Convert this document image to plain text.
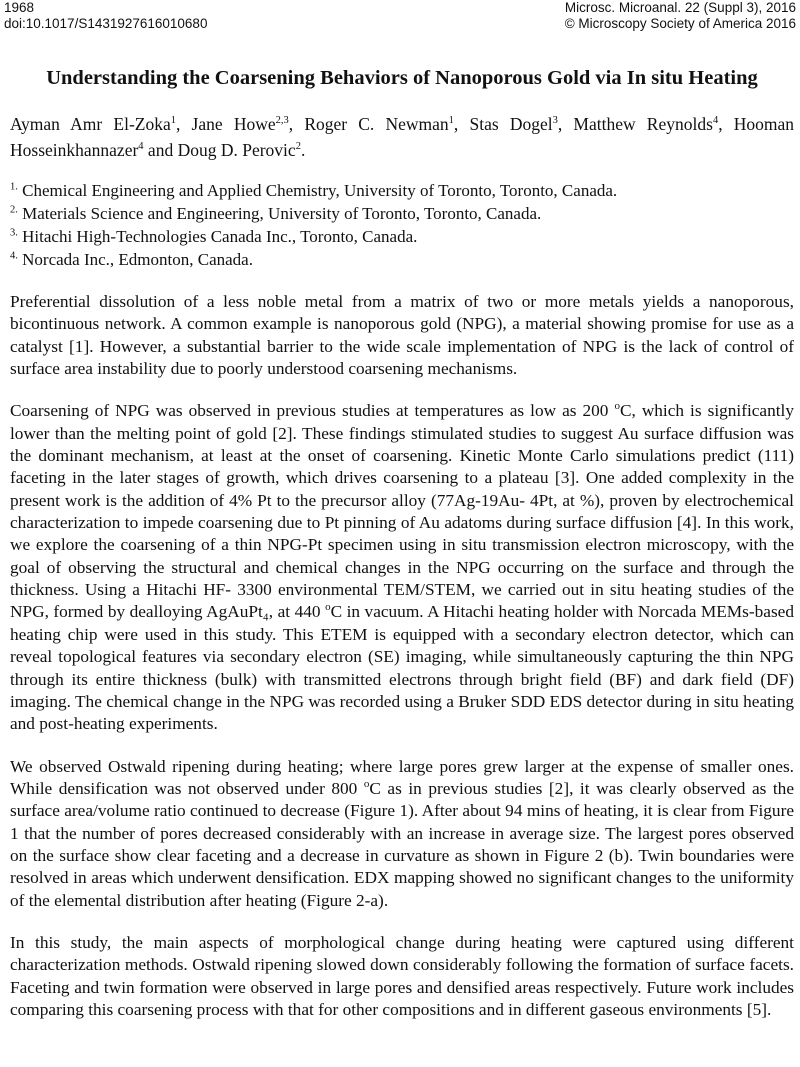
1968
doi:10.1017/S1431927616010680
Microsc. Microanal. 22 (Suppl 3), 2016
© Microscopy Society of America 2016
Understanding the Coarsening Behaviors of Nanoporous Gold via In situ Heating
Ayman Amr El-Zoka$^1$, Jane Howe$^{2,3}$, Roger C. Newman$^1$, Stas Dogel$^3$, Matthew Reynolds$^4$, Hooman Hosseinkhannazer$^4$ and Doug D. Perovic$^2$.
$^{1.}$ Chemical Engineering and Applied Chemistry, University of Toronto, Toronto, Canada.
$^{2.}$ Materials Science and Engineering, University of Toronto, Toronto, Canada.
$^{3.}$ Hitachi High-Technologies Canada Inc., Toronto, Canada.
$^{4.}$ Norcada Inc., Edmonton, Canada.

Preferential dissolution of a less noble metal from a matrix of two or more metals yields a nanoporous, bicontinuous network. A common example is nanoporous gold (NPG), a material showing promise for use as a catalyst [1]. However, a substantial barrier to the wide scale implementation of NPG is the lack of control of surface area instability due to poorly understood coarsening mechanisms.

Coarsening of NPG was observed in previous studies at temperatures as low as 200 $^o$C, which is significantly lower than the melting point of gold [2]. These findings stimulated studies to suggest Au surface diffusion was the dominant mechanism, at least at the onset of coarsening. Kinetic Monte Carlo simulations predict (111) faceting in the later stages of growth, which drives coarsening to a plateau [3]. One added complexity in the present work is the addition of 4% Pt to the precursor alloy (77Ag-19Au- 4Pt, at %), proven by electrochemical characterization to impede coarsening due to Pt pinning of Au adatoms during surface diffusion [4]. In this work, we explore the coarsening of a thin NPG-Pt specimen using in situ transmission electron microscopy, with the goal of observing the structural and chemical changes in the NPG occurring on the surface and through the thickness. Using a Hitachi HF- 3300 environmental TEM/STEM, we carried out in situ heating studies of the NPG, formed by dealloying AgAuPt₄, at 440 $^o$C in vacuum. A Hitachi heating holder with Norcada MEMs-based heating chip were used in this study. This ETEM is equipped with a secondary electron detector, which can reveal topological features via secondary electron (SE) imaging, while simultaneously capturing the thin NPG through its entire thickness (bulk) with transmitted electrons through bright field (BF) and dark field (DF) imaging. The chemical change in the NPG was recorded using a Bruker SDD EDS detector during in situ heating and post-heating experiments.

We observed Ostwald ripening during heating; where large pores grew larger at the expense of smaller ones. While densification was not observed under 800 $^o$C as in previous studies [2], it was clearly observed as the surface area/volume ratio continued to decrease (Figure 1). After about 94 mins of heating, it is clear from Figure 1 that the number of pores decreased considerably with an increase in average size. The largest pores observed on the surface show clear faceting and a decrease in curvature as shown in Figure 2 (b). Twin boundaries were resolved in areas which underwent densification. EDX mapping showed no significant changes to the uniformity of the elemental distribution after heating (Figure 2-a).

In this study, the main aspects of morphological change during heating were captured using different characterization methods. Ostwald ripening slowed down considerably following the formation of surface facets. Faceting and twin formation were observed in large pores and densified areas respectively. Future work includes comparing this coarsening process with that for other compositions and in different gaseous environments [5].
